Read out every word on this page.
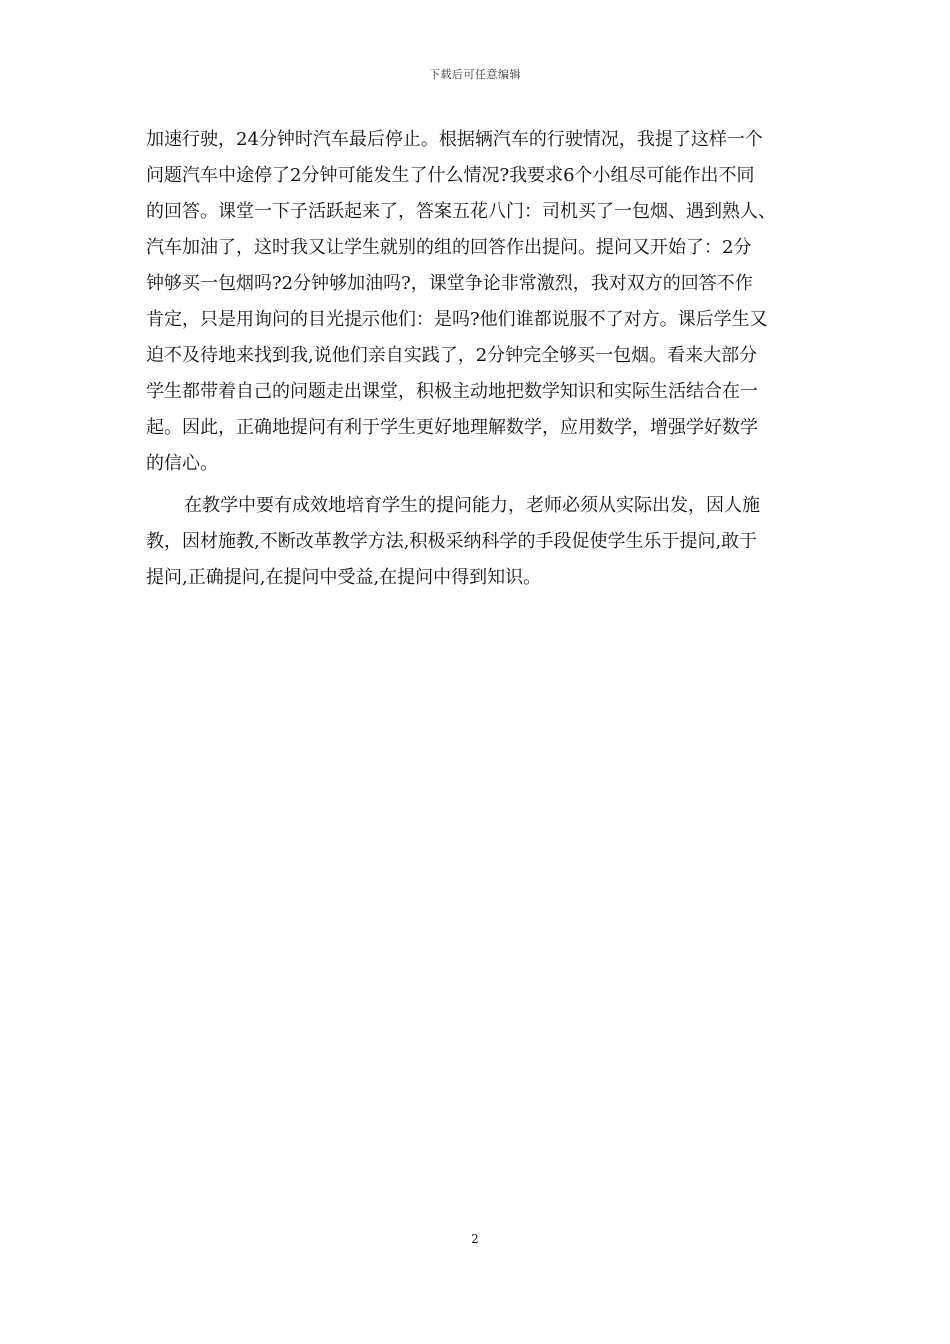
下载后可任意编辑
加速行驶，24分钟时汽车最后停止。根据辆汽车的行驶情况，我提了这样一个
问题汽车中途停了2分钟可能发生了什么情况?我要求6个小组尽可能作出不同
的回答。课堂一下子活跃起来了，答案五花八门：司机买了一包烟、遇到熟人、
汽车加油了，这时我又让学生就别的组的回答作出提问。提问又开始了：2分
钟够买一包烟吗?2分钟够加油吗?，课堂争论非常激烈，我对双方的回答不作
肯定，只是用询问的目光提示他们：是吗?他们谁都说服不了对方。课后学生又
迫不及待地来找到我,说他们亲自实践了，2分钟完全够买一包烟。看来大部分
学生都带着自己的问题走出课堂，积极主动地把数学知识和实际生活结合在一
起。因此，正确地提问有利于学生更好地理解数学，应用数学，增强学好数学
的信心。
在教学中要有成效地培育学生的提问能力，老师必须从实际出发，因人施
教，因材施教,不断改革教学方法,积极采纳科学的手段促使学生乐于提问,敢于
提问,正确提问,在提问中受益,在提问中得到知识。
2
